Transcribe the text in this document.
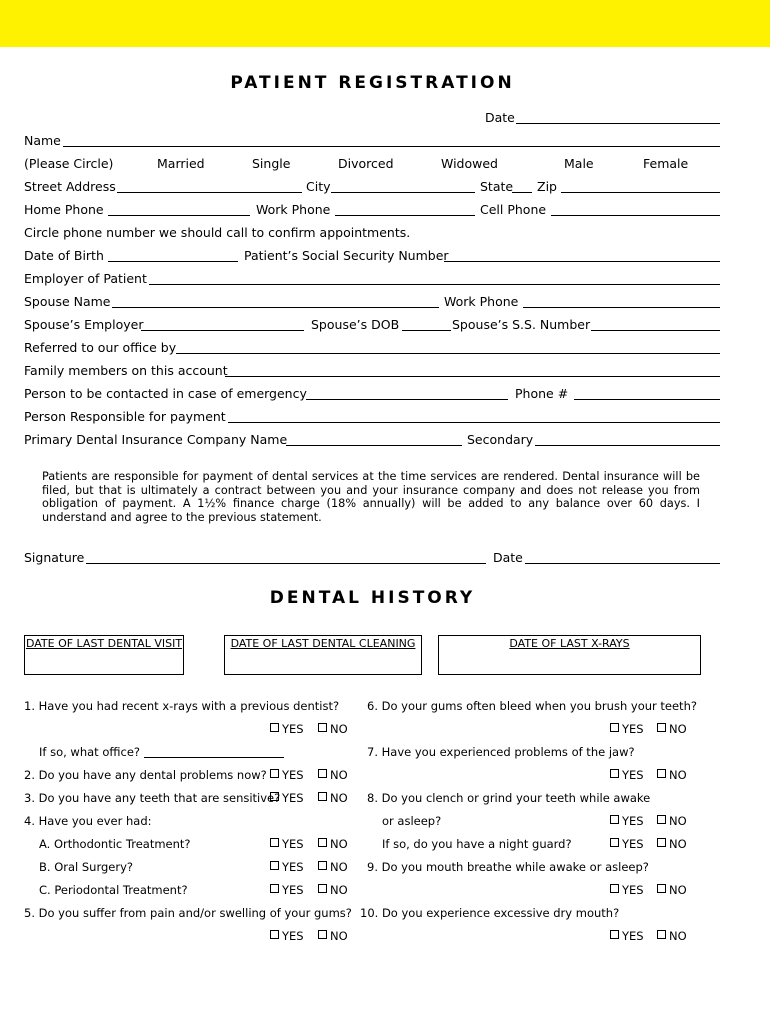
PATIENT REGISTRATION
Date
Name
(Please Circle)	Married	Single	Divorced	Widowed	Male	Female
Street Address	City	State Zip
Home Phone	Work Phone	Cell Phone
Circle phone number we should call to confirm appointments.
Date of Birth	Patient’s Social Security Number
Employer of Patient
Spouse Name	Work Phone
Spouse’s Employer	Spouse’s DOB	Spouse’s S.S. Number
Referred to our office by
Family members on this account
Person to be contacted in case of emergency	Phone #
Person Responsible for payment
Primary Dental Insurance Company Name	Secondary
Patients are responsible for payment of dental services at the time services are rendered. Dental insurance will be filed, but that is ultimately a contract between you and your insurance company and does not release you from obligation of payment. A 1½% finance charge (18% annually) will be added to any balance over 60 days. I understand and agree to the previous statement.
Signature	Date
DENTAL HISTORY
DATE OF LAST DENTAL VISIT	DATE OF LAST DENTAL CLEANING	DATE OF LAST X-RAYS
1. Have you had recent x-rays with a previous dentist?
YES	NO
If so, what office?
2. Do you have any dental problems now?	YES	NO
3. Do you have any teeth that are sensitive? YES	NO
4. Have you ever had:
A. Orthodontic Treatment?	YES	NO
B. Oral Surgery?	YES	NO
C. Periodontal Treatment?	YES	NO
5. Do you suffer from pain and/or swelling of your gums?
YES	NO
6. Do your gums often bleed when you brush your teeth?
YES	NO
7. Have you experienced problems of the jaw?
YES	NO
8. Do you clench or grind your teeth while awake
or asleep?	YES	NO
If so, do you have a night guard?	YES	NO
9. Do you mouth breathe while awake or asleep?
YES	NO
10. Do you experience excessive dry mouth?
YES	NO
